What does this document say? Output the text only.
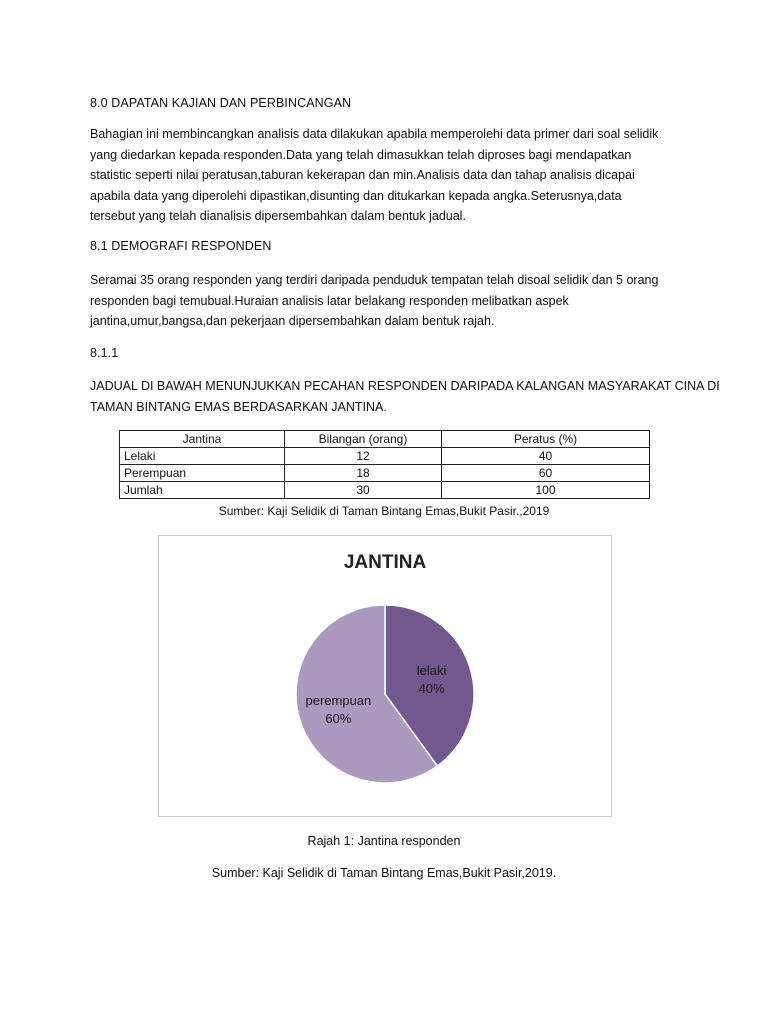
8.0 DAPATAN KAJIAN DAN PERBINCANGAN

Bahagian ini membincangkan analisis data dilakukan apabila memperolehi data primer dari soal selidik
yang diedarkan kepada responden.Data yang telah dimasukkan telah diproses bagi mendapatkan
statistic seperti nilai peratusan,taburan kekerapan dan min.Analisis data dan tahap analisis dicapai
apabila data yang diperolehi dipastikan,disunting dan ditukarkan kepada angka.Seterusnya,data
tersebut yang telah dianalisis dipersembahkan dalam bentuk jadual.

8.1 DEMOGRAFI RESPONDEN

Seramai 35 orang responden yang terdiri daripada penduduk tempatan telah disoal selidik dan 5 orang
responden bagi temubual.Huraian analisis latar belakang responden melibatkan aspek
jantina,umur,bangsa,dan pekerjaan dipersembahkan dalam bentuk rajah.

8.1.1

JADUAL DI BAWAH MENUNJUKKAN PECAHAN RESPONDEN DARIPADA KALANGAN MASYARAKAT CINA DI
TAMAN BINTANG EMAS BERDASARKAN JANTINA.

Jantina	Bilangan (orang)	Peratus (%)
Lelaki	12	40
Perempuan	18	60
Jumlah	30	100
Sumber: Kaji Selidik di Taman Bintang Emas,Bukit Pasir.,2019
JANTINA
lelaki
40%
perempuan
60%
Rajah 1: Jantina responden
Sumber: Kaji Selidik di Taman Bintang Emas,Bukit Pasir,2019.
